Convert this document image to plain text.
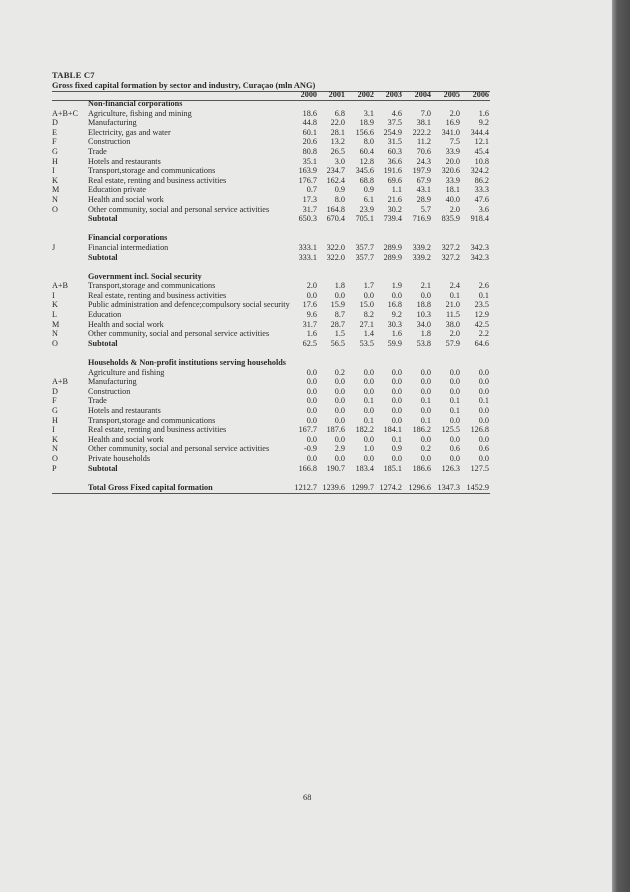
TABLE C7
Gross fixed capital formation by sector and industry, Curaçao (mln ANG)
2000	2001	2002	2003	2004	2005	2006
Non-financial corporations
A+B+C Agriculture, fishing and mining	18.6	6.8	3.1	4.6	7.0	2.0	1.6
D	Manufacturing	44.8	22.0	18.9	37.5	38.1	16.9	9.2
E	Electricity, gas and water	60.1	28.1	156.6	254.9	222.2	341.0	344.4
F	Construction	20.6	13.2	8.0	31.5	11.2	7.5	12.1
G	Trade	80.8	26.5	60.4	60.3	70.6	33.9	45.4
H	Hotels and restaurants	35.1	3.0	12.8	36.6	24.3	20.0	10.8
I	Transport,storage and communications	163.9	234.7	345.6	191.6	197.9	320.6	324.2
K	Real estate, renting and business activities	176.7	162.4	68.8	69.6	67.9	33.9	86.2
M	Education private	0.7	0.9	0.9	1.1	43.1	18.1	33.3
N	Health and social work	17.3	8.0	6.1	21.6	28.9	40.0	47.6
O	Other community, social and personal service activities	31.7	164.8	23.9	30.2	5.7	2.0	3.6
Subtotal	650.3	670.4	705.1	739.4	716.9	835.9	918.4
Financial corporations
J	Financial intermediation	333.1	322.0	357.7	289.9	339.2	327.2	342.3
Subtotal	333.1	322.0	357.7	289.9	339.2	327.2	342.3
Government incl. Social security
A+B Transport,storage and communications	2.0	1.8	1.7	1.9	2.1	2.4	2.6
I	Real estate, renting and business activities	0.0	0.0	0.0	0.0	0.0	0.1	0.1
K	Public administration and defence;compulsory social security	17.6	15.9	15.0	16.8	18.8	21.0	23.5
L	Education	9.6	8.7	8.2	9.2	10.3	11.5	12.9
M	Health and social work	31.7	28.7	27.1	30.3	34.0	38.0	42.5
N	Other community, social and personal service activities	1.6	1.5	1.4	1.6	1.8	2.0	2.2
O	Subtotal	62.5	56.5	53.5	59.9	53.8	57.9	64.6
Households & Non-profit institutions serving households
Agriculture and fishing	0.0	0.2	0.0	0.0	0.0	0.0	0.0
A+B Manufacturing	0.0	0.0	0.0	0.0	0.0	0.0	0.0
D	Construction	0.0	0.0	0.0	0.0	0.0	0.0	0.0
F	Trade	0.0	0.0	0.1	0.0	0.1	0.1	0.1
G	Hotels and restaurants	0.0	0.0	0.0	0.0	0.0	0.1	0.0
H	Transport,storage and communications	0.0	0.0	0.1	0.0	0.1	0.0	0.0
I	Real estate, renting and business activities	167.7	187.6	182.2	184.1	186.2	125.5	126.8
K	Health and social work	0.0	0.0	0.0	0.1	0.0	0.0	0.0
N	Other community, social and personal service activities	-0.9	2.9	1.0	0.9	0.2	0.6	0.6
O	Private households	0.0	0.0	0.0	0.0	0.0	0.0	0.0
P	Subtotal	166.8	190.7	183.4	185.1	186.6	126.3	127.5
Total Gross Fixed capital formation	1212.7 1239.6 1299.7 1274.2 1296.6 1347.3 1452.9
68
